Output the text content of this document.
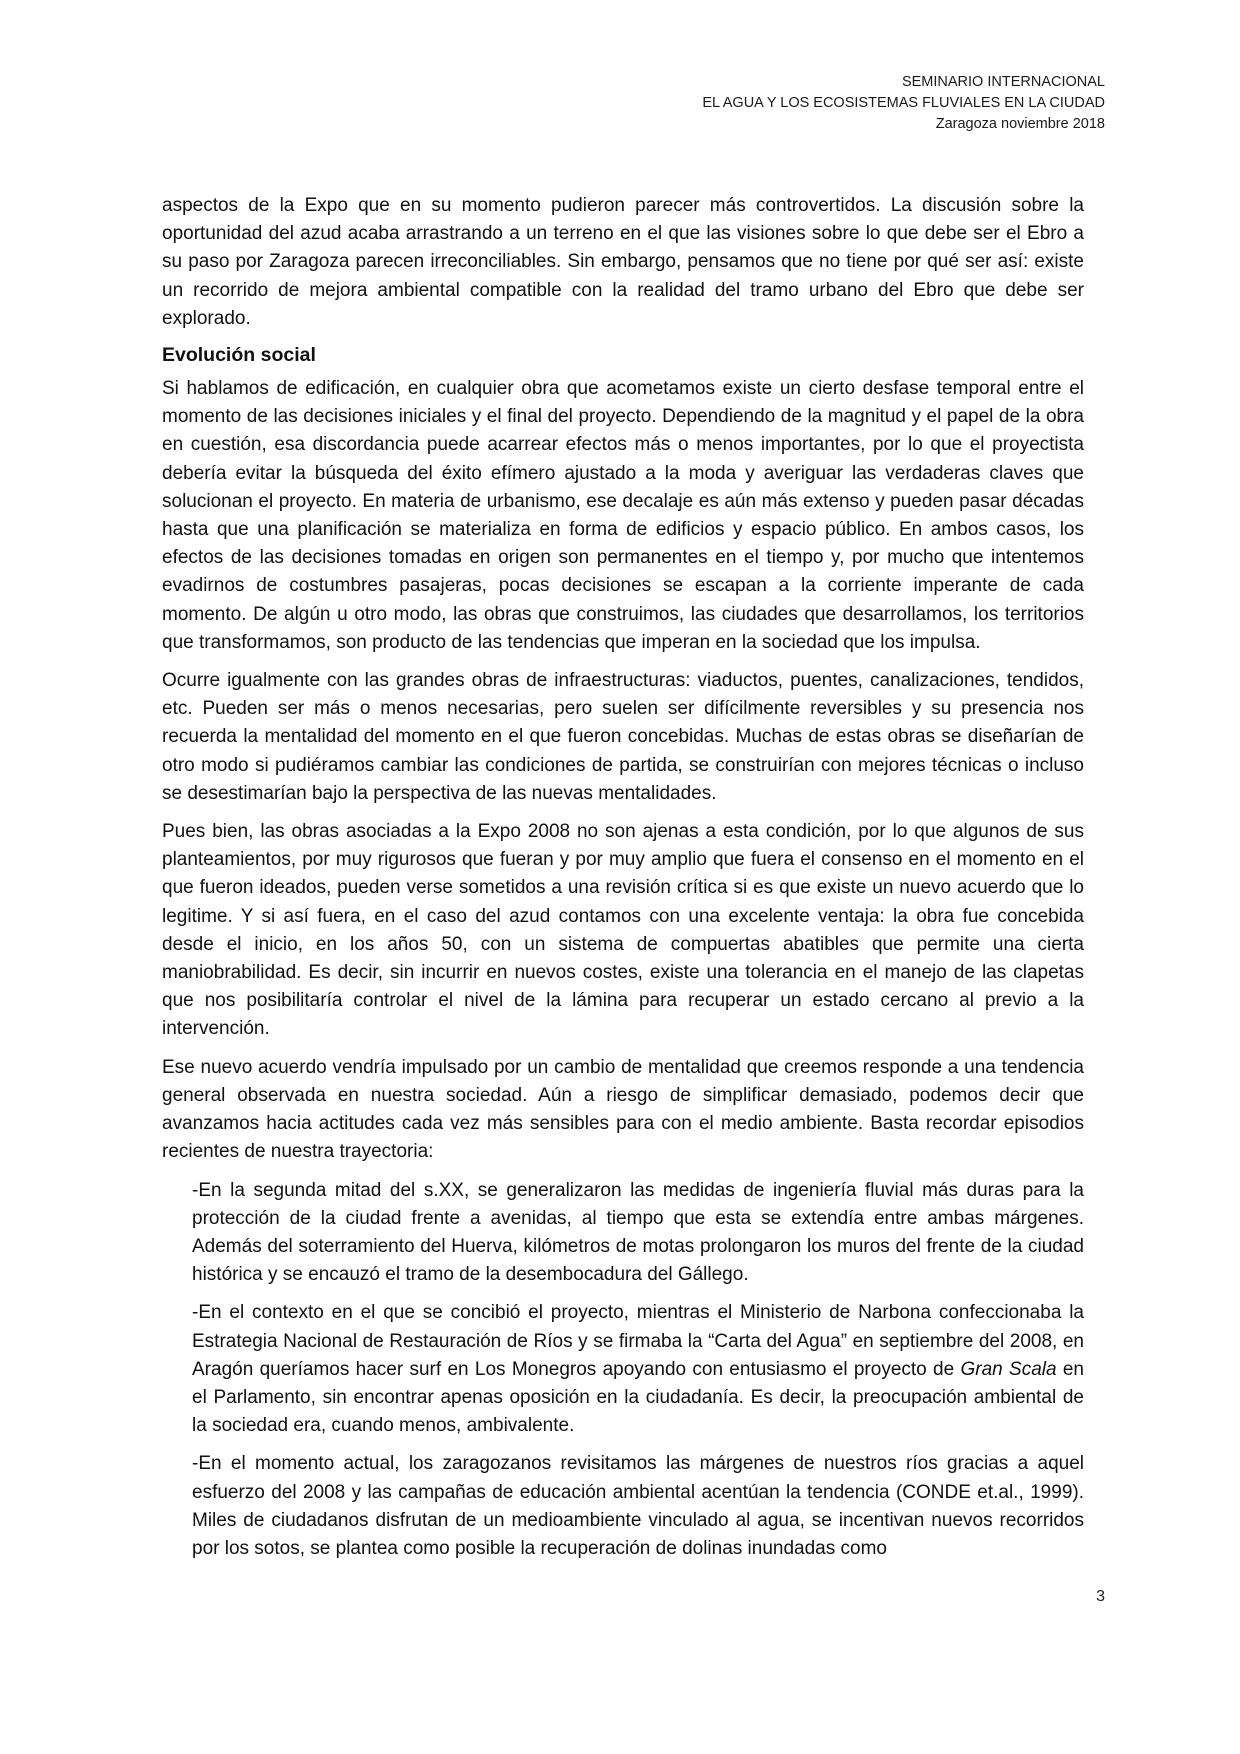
SEMINARIO INTERNACIONAL
EL AGUA Y LOS ECOSISTEMAS FLUVIALES EN LA CIUDAD
Zaragoza noviembre 2018

aspectos de la Expo que en su momento pudieron parecer más controvertidos. La discusión sobre la oportunidad del azud acaba arrastrando a un terreno en el que las visiones sobre lo que debe ser el Ebro a su paso por Zaragoza parecen irreconciliables. Sin embargo, pensamos que no tiene por qué ser así: existe un recorrido de mejora ambiental compatible con la realidad del tramo urbano del Ebro que debe ser explorado.

Evolución social

Si hablamos de edificación, en cualquier obra que acometamos existe un cierto desfase temporal entre el momento de las decisiones iniciales y el final del proyecto. Dependiendo de la magnitud y el papel de la obra en cuestión, esa discordancia puede acarrear efectos más o menos importantes, por lo que el proyectista debería evitar la búsqueda del éxito efímero ajustado a la moda y averiguar las verdaderas claves que solucionan el proyecto. En materia de urbanismo, ese decalaje es aún más extenso y pueden pasar décadas hasta que una planificación se materializa en forma de edificios y espacio público. En ambos casos, los efectos de las decisiones tomadas en origen son permanentes en el tiempo y, por mucho que intentemos evadirnos de costumbres pasajeras, pocas decisiones se escapan a la corriente imperante de cada momento. De algún u otro modo, las obras que construimos, las ciudades que desarrollamos, los territorios que transformamos, son producto de las tendencias que imperan en la sociedad que los impulsa.

Ocurre igualmente con las grandes obras de infraestructuras: viaductos, puentes, canalizaciones, tendidos, etc. Pueden ser más o menos necesarias, pero suelen ser difícilmente reversibles y su presencia nos recuerda la mentalidad del momento en el que fueron concebidas. Muchas de estas obras se diseñarían de otro modo si pudiéramos cambiar las condiciones de partida, se construirían con mejores técnicas o incluso se desestimarían bajo la perspectiva de las nuevas mentalidades.

Pues bien, las obras asociadas a la Expo 2008 no son ajenas a esta condición, por lo que algunos de sus planteamientos, por muy rigurosos que fueran y por muy amplio que fuera el consenso en el momento en el que fueron ideados, pueden verse sometidos a una revisión crítica si es que existe un nuevo acuerdo que lo legitime. Y si así fuera, en el caso del azud contamos con una excelente ventaja: la obra fue concebida desde el inicio, en los años 50, con un sistema de compuertas abatibles que permite una cierta maniobrabilidad. Es decir, sin incurrir en nuevos costes, existe una tolerancia en el manejo de las clapetas que nos posibilitaría controlar el nivel de la lámina para recuperar un estado cercano al previo a la intervención.

Ese nuevo acuerdo vendría impulsado por un cambio de mentalidad que creemos responde a una tendencia general observada en nuestra sociedad. Aún a riesgo de simplificar demasiado, podemos decir que avanzamos hacia actitudes cada vez más sensibles para con el medio ambiente. Basta recordar episodios recientes de nuestra trayectoria:

-En la segunda mitad del s.XX, se generalizaron las medidas de ingeniería fluvial más duras para la protección de la ciudad frente a avenidas, al tiempo que esta se extendía entre ambas márgenes. Además del soterramiento del Huerva, kilómetros de motas prolongaron los muros del frente de la ciudad histórica y se encauzó el tramo de la desembocadura del Gállego.

-En el contexto en el que se concibió el proyecto, mientras el Ministerio de Narbona confeccionaba la Estrategia Nacional de Restauración de Ríos y se firmaba la “Carta del Agua” en septiembre del 2008, en Aragón queríamos hacer surf en Los Monegros apoyando con entusiasmo el proyecto de Gran Scala en el Parlamento, sin encontrar apenas oposición en la ciudadanía. Es decir, la preocupación ambiental de la sociedad era, cuando menos, ambivalente.

-En el momento actual, los zaragozanos revisitamos las márgenes de nuestros ríos gracias a aquel esfuerzo del 2008 y las campañas de educación ambiental acentúan la tendencia (CONDE et.al., 1999). Miles de ciudadanos disfrutan de un medioambiente vinculado al agua, se incentivan nuevos recorridos por los sotos, se plantea como posible la recuperación de dolinas inundadas como

3
